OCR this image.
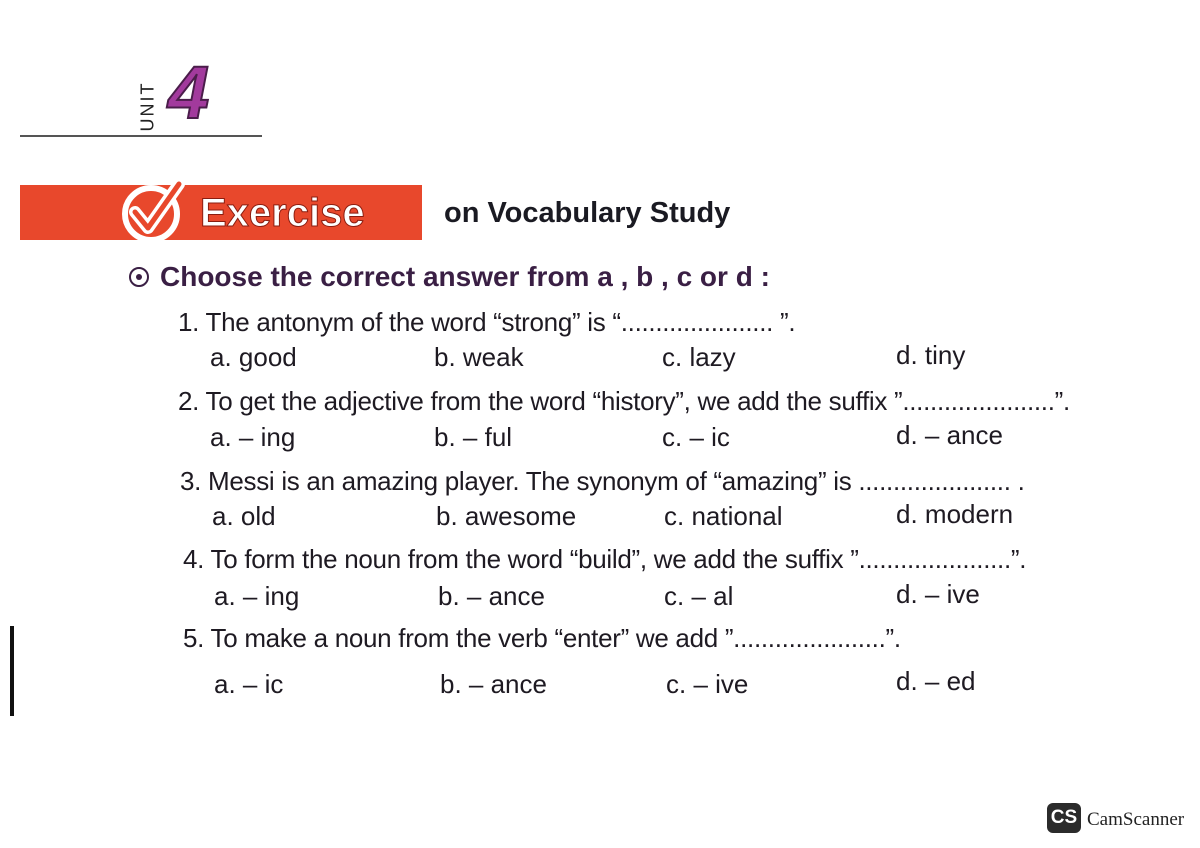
UNIT 4
Exercise	on Vocabulary Study
Choose the correct answer from a , b , c or d :
1. The antonym of the word “strong” is “...................... ”.
a. good	b. weak	c. lazy	d. tiny
2. To get the adjective from the word “history”, we add the suffix ”......................”.
a. – ing	b. – ful	c. – ic	d. – ance
3. Messi is an amazing player. The synonym of “amazing” is ...................... .
a. old	b. awesome	c. national	d. modern
4. To form the noun from the word “build”, we add the suffix ”......................”.
a. – ing	b. – ance	c. – al	d. – ive
5. To make a noun from the verb “enter” we add ”......................”.
a. – ic	b. – ance	c. – ive	d. – ed
CS CamScanner
